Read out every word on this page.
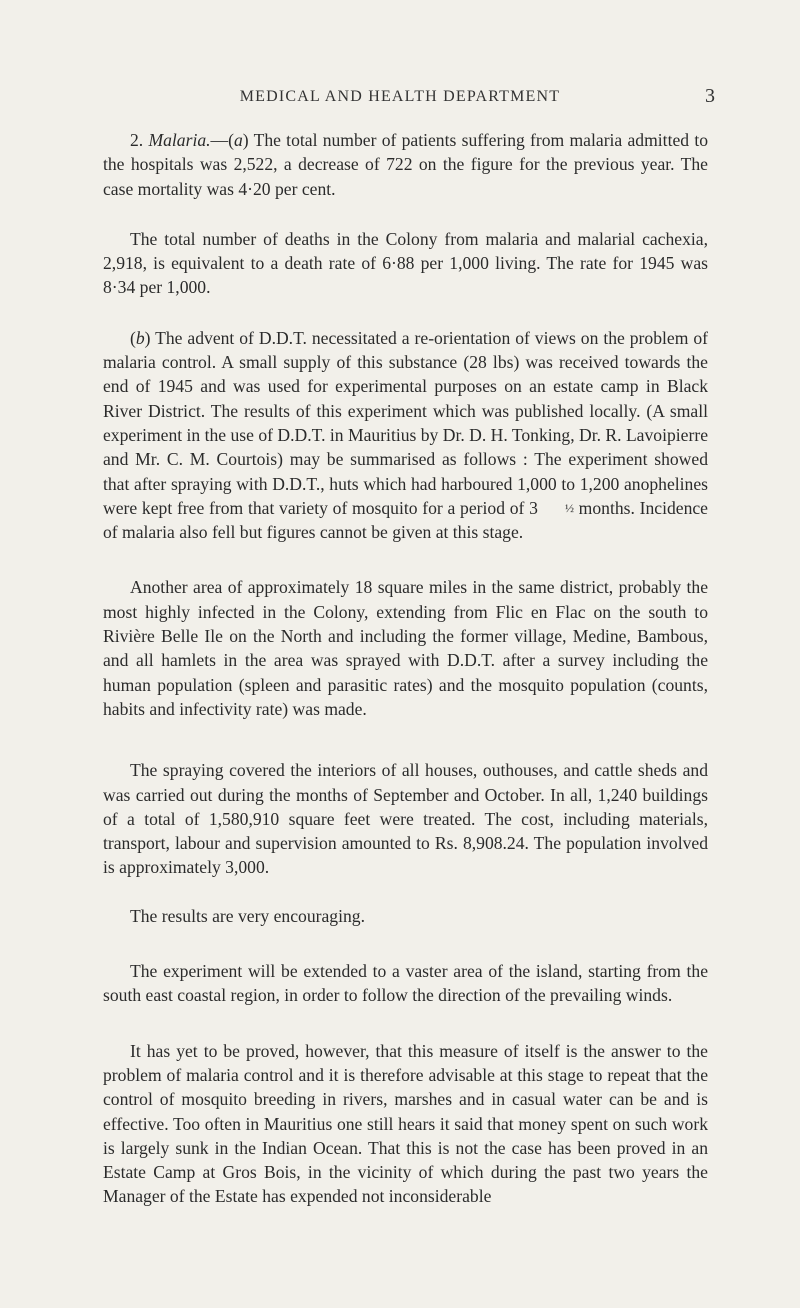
MEDICAL AND HEALTH DEPARTMENT	3

2. Malaria.—(a) The total number of patients suffering from malaria admitted to the hospitals was 2,522, a decrease of 722 on the figure for the previous year. The case mortality was 4·20 per cent.

The total number of deaths in the Colony from malaria and malarial cachexia, 2,918, is equivalent to a death rate of 6·88 per 1,000 living. The rate for 1945 was 8·34 per 1,000.

(b) The advent of D.D.T. necessitated a re-orientation of views on the problem of malaria control. A small supply of this substance (28 lbs) was received towards the end of 1945 and was used for experimental purposes on an estate camp in Black River District. The results of this experiment which was published locally. (A small experiment in the use of D.D.T. in Mauritius by Dr. D. H. Tonking, Dr. R. Lavoipierre and Mr. C. M. Courtois) may be summarised as follows : The experiment showed that after spraying with D.D.T., huts which had harboured 1,000 to 1,200 anophelines were kept free from that variety of mosquito for a period of 3 ½ months. Incidence of malaria also fell but figures cannot be given at this stage.

Another area of approximately 18 square miles in the same district, probably the most highly infected in the Colony, extending from Flic en Flac on the south to Rivière Belle Ile on the North and including the former village, Medine, Bambous, and all hamlets in the area was sprayed with D.D.T. after a survey including the human population (spleen and parasitic rates) and the mosquito population (counts, habits and infectivity rate) was made.

The spraying covered the interiors of all houses, outhouses, and cattle sheds and was carried out during the months of September and October. In all, 1,240 buildings of a total of 1,580,910 square feet were treated. The cost, including materials, transport, labour and supervision amounted to Rs. 8,908.24. The population involved is approximately 3,000.

The results are very encouraging.

The experiment will be extended to a vaster area of the island, starting from the south east coastal region, in order to follow the direction of the prevailing winds.

It has yet to be proved, however, that this measure of itself is the answer to the problem of malaria control and it is therefore advisable at this stage to repeat that the control of mosquito breeding in rivers, marshes and in casual water can be and is effective. Too often in Mauritius one still hears it said that money spent on such work is largely sunk in the Indian Ocean. That this is not the case has been proved in an Estate Camp at Gros Bois, in the vicinity of which during the past two years the Manager of the Estate has expended not inconsiderable
